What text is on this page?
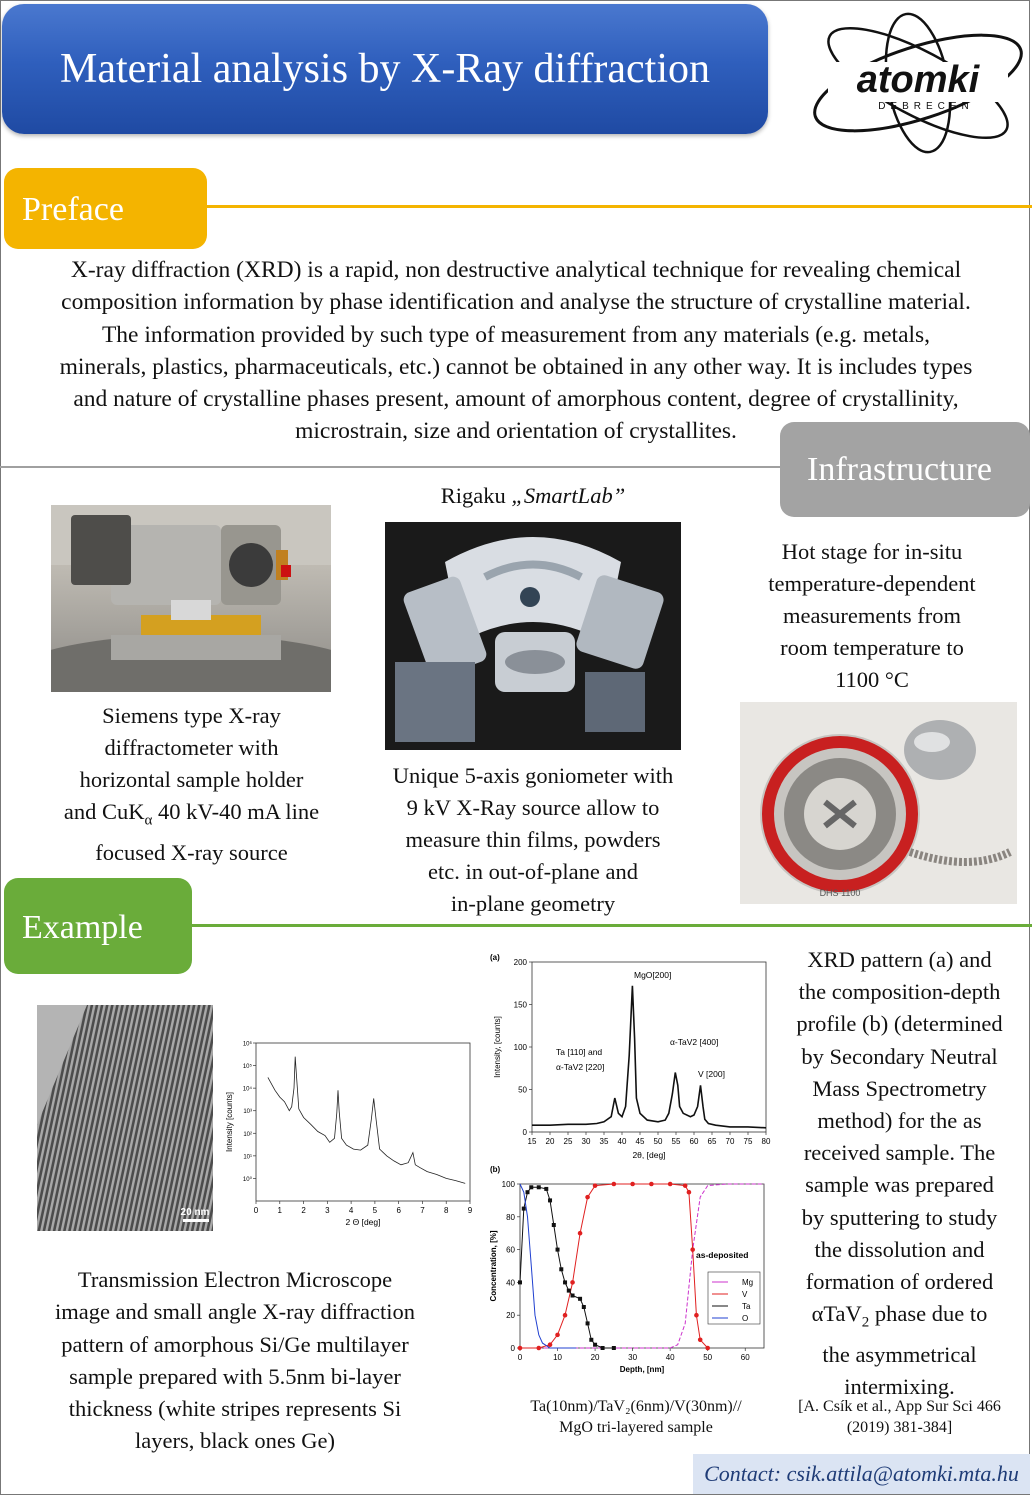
Material analysis by X-Ray diffraction	atomki
DEBRECEN
Preface
X-ray diffraction (XRD) is a rapid, non destructive analytical technique for revealing chemical
composition information by phase identification and analyse the structure of crystalline material.
The information provided by such type of measurement from any materials (e.g. metals,
minerals, plastics, pharmaceuticals, etc.) cannot be obtained in any other way. It is includes types
and nature of crystalline phases present, amount of amorphous content, degree of crystallinity,
microstrain, size and orientation of crystallites.
Infrastructure
Siemens type X-ray
diffractometer with
horizontal sample holder
and CuK$_\alpha$ 40 kV-40 mA line
focused X-ray source
Rigaku „SmartLab”
Unique 5-axis goniometer with
9 kV X-Ray source allow to
measure thin films, powders
etc. in out-of-plane and
in-plane geometry
Hot stage for in-situ
temperature-dependent
measurements from
room temperature to
1100 °C
DHS 1100
Example
20 nm	0 1 2 3 4 5 6 7 8 9
10⁰
10¹
10²
10³
10⁴
10⁵
10⁶
2 Θ [deg]
Intensity [counts]
Transmission Electron Microscope
image and small angle X-ray diffraction
pattern of amorphous Si/Ge multilayer
sample prepared with 5.5nm bi-layer
thickness (white stripes represents Si
layers, black ones Ge)
(a)
15 20 25 30 35 40 45 50 55 60 65 70 75 80
0
50
100
150
200
2θ, [deg]
Intensity, [counts]
MgO[200]
Ta [110] and
α-TaV2 [220]
α-TaV2 [400]
V [200]
(b)
0	10	20	30	40	50	60
0
20
40
60
80
100
as-deposited
Mg
V
Ta
O
Depth, [nm]
Concentration, [%]
Ta(10nm)/TaV₂(6nm)/V(30nm)//
MgO tri-layered sample
XRD pattern (a) and
the composition-depth
profile (b) (determined
by Secondary Neutral
Mass Spectrometry
method) for the as
received sample. The
sample was prepared
by sputtering to study
the dissolution and
formation of ordered
αTaV$_2$ phase due to
the asymmetrical
intermixing.
[A. Csík et al., App Sur Sci 466
(2019) 381-384]
Contact: csik.attila@atomki.mta.hu
